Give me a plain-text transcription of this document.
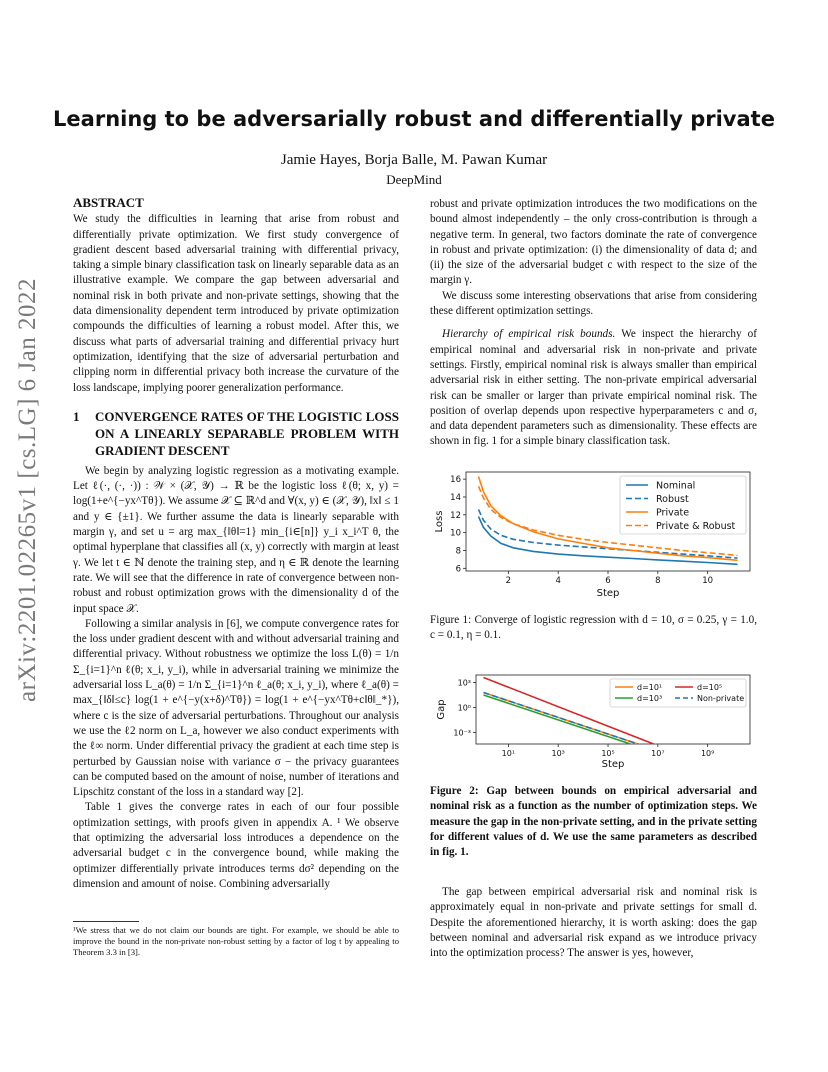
Learning to be adversarially robust and differentially private
Jamie Hayes, Borja Balle, M. Pawan Kumar
DeepMind
arXiv:2201.02265v1 [cs.LG] 6 Jan 2022
ABSTRACT

We study the difficulties in learning that arise from robust and differentially private optimization. We first study convergence of gradient descent based adversarial training with differential privacy, taking a simple binary classification task on linearly separable data as an illustrative example. We compare the gap between adversarial and nominal risk in both private and non-private settings, showing that the data dimensionality dependent term introduced by private optimization compounds the difficulties of learning a robust model. After this, we discuss what parts of adversarial training and differential privacy hurt optimization, identifying that the size of adversarial perturbation and clipping norm in differential privacy both increase the curvature of the loss landscape, implying poorer generalization performance.

1 CONVERGENCE RATES OF THE LOGISTIC LOSS ON A LINEARLY SEPARABLE PROBLEM WITH GRADIENT DESCENT

We begin by analyzing logistic regression as a motivating example. Let ℓ(·, (·, ·)) : 𝒲 × (𝒳, 𝒴) → ℝ be the logistic loss ℓ(θ; x, y) = log(1+e^{−yx^Tθ}). We assume 𝒳 ⊆ ℝ^d and ∀(x, y) ∈ (𝒳, 𝒴), ‖x‖ ≤ 1 and y ∈ {±1}. We further assume the data is linearly separable with margin γ, and set u = arg max_{‖θ‖=1} min_{i∈[n]} y_i x_i^T θ, the optimal hyperplane that classifies all (x, y) correctly with margin at least γ. We let t ∈ ℕ denote the training step, and η ∈ ℝ denote the learning rate. We will see that the difference in rate of convergence between non-robust and robust optimization grows with the dimensionality d of the input space 𝒳.

Following a similar analysis in [6], we compute convergence rates for the loss under gradient descent with and without adversarial training and differential privacy. Without robustness we optimize the loss L(θ) = 1/n Σ_{i=1}^n ℓ(θ; x_i, y_i), while in adversarial training we minimize the adversarial loss L_a(θ) = 1/n Σ_{i=1}^n ℓ_a(θ; x_i, y_i), where ℓ_a(θ) = max_{‖δ‖≤c} log(1 + e^{−y(x+δ)^Tθ}) = log(1 + e^{−yx^Tθ+c‖θ‖_*}), where c is the size of adversarial perturbations. Throughout our analysis we use the ℓ2 norm on L_a, however we also conduct experiments with the ℓ∞ norm. Under differential privacy the gradient at each time step is perturbed by Gaussian noise with variance σ − the privacy guarantees can be computed based on the amount of noise, number of iterations and Lipschitz constant of the loss in a standard way [2].

Table 1 gives the converge rates in each of our four possible optimization settings, with proofs given in appendix A. ¹ We observe that optimizing the adversarial loss introduces a dependence on the adversarial budget c in the convergence bound, while making the optimizer differentially private introduces terms dσ² depending on the dimension and amount of noise. Combining adversarially

¹We stress that we do not claim our bounds are tight. For example, we should be able to improve the bound in the non-private non-robust setting by a factor of log t by appealing to Theorem 3.3 in [3].

robust and private optimization introduces the two modifications on the bound almost independently – the only cross-contribution is through a negative term. In general, two factors dominate the rate of convergence in robust and private optimization: (i) the dimensionality of data d; and (ii) the size of the adversarial budget c with respect to the size of the margin γ.

We discuss some interesting observations that arise from considering these different optimization settings.

Hierarchy of empirical risk bounds. We inspect the hierarchy of empirical nominal and adversarial risk in non-private and private settings. Firstly, empirical nominal risk is always smaller than empirical adversarial risk in either setting. The non-private empirical adversarial risk can be smaller or larger than private empirical nominal risk. The position of overlap depends upon respective hyperparameters c and σ, and data dependent parameters such as dimensionality. These effects are shown in fig. 1 for a simple binary classification task.

2	4	6	8	10
6
8
10
12
14
16
Step
Loss
Nominal
Robust
Private
Private & Robust
Figure 1: Converge of logistic regression with d = 10, σ = 0.25, γ = 1.0, c = 0.1, η = 0.1.
10¹	10³	10⁵	10⁷	10⁹
10³
10⁰
10⁻³
Step
Gap
d=10¹
d=10³
d=10⁵
Non-private
Figure 2: Gap between bounds on empirical adversarial and nominal risk as a function as the number of optimization steps. We measure the gap in the non-private setting, and in the private setting for different values of d. We use the same parameters as described in fig. 1.

The gap between empirical adversarial risk and nominal risk is approximately equal in non-private and private settings for small d. Despite the aforementioned hierarchy, it is worth asking: does the gap between nominal and adversarial risk expand as we introduce privacy into the optimization process? The answer is yes, however,
